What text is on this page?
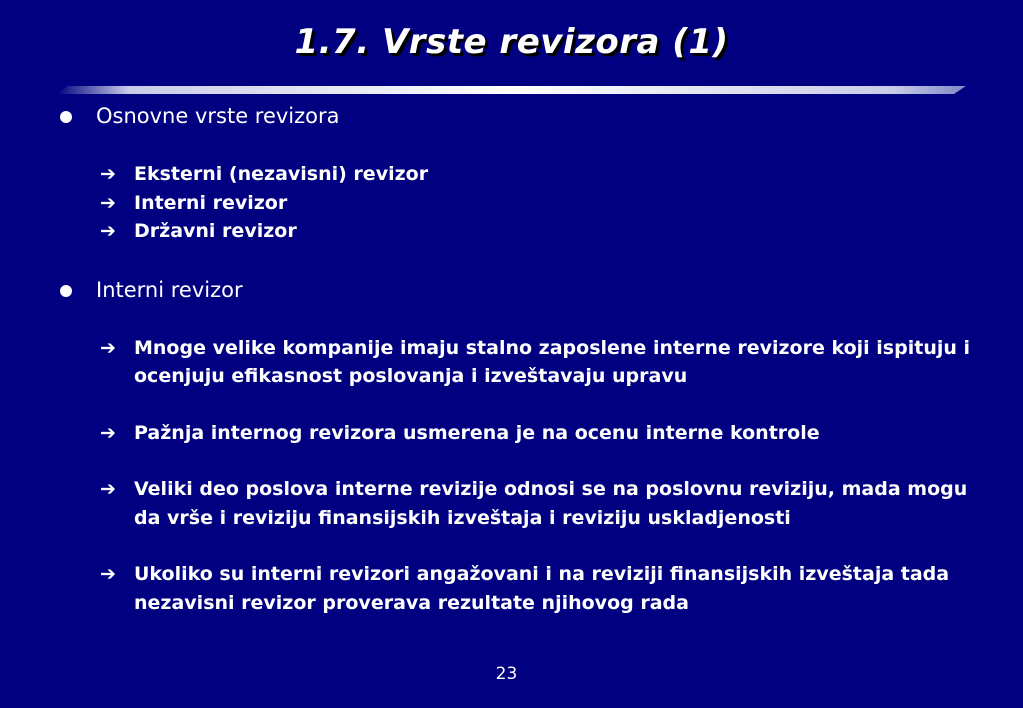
1.7. Vrste revizora (1)
Osnovne vrste revizora
➔ Eksterni (nezavisni) revizor
➔ Interni revizor
➔ Državni revizor
Interni revizor
➔ Mnoge velike kompanije imaju stalno zaposlene interne revizore koji ispituju i ocenjuju efikasnost poslovanja i izveštavaju upravu
➔ Pažnja internog revizora usmerena je na ocenu interne kontrole
➔ Veliki deo poslova interne revizije odnosi se na poslovnu reviziju, mada mogu da vrše i reviziju finansijskih izveštaja i reviziju uskladjenosti
➔ Ukoliko su interni revizori angažovani i na reviziji finansijskih izveštaja tada nezavisni revizor proverava rezultate njihovog rada
23
